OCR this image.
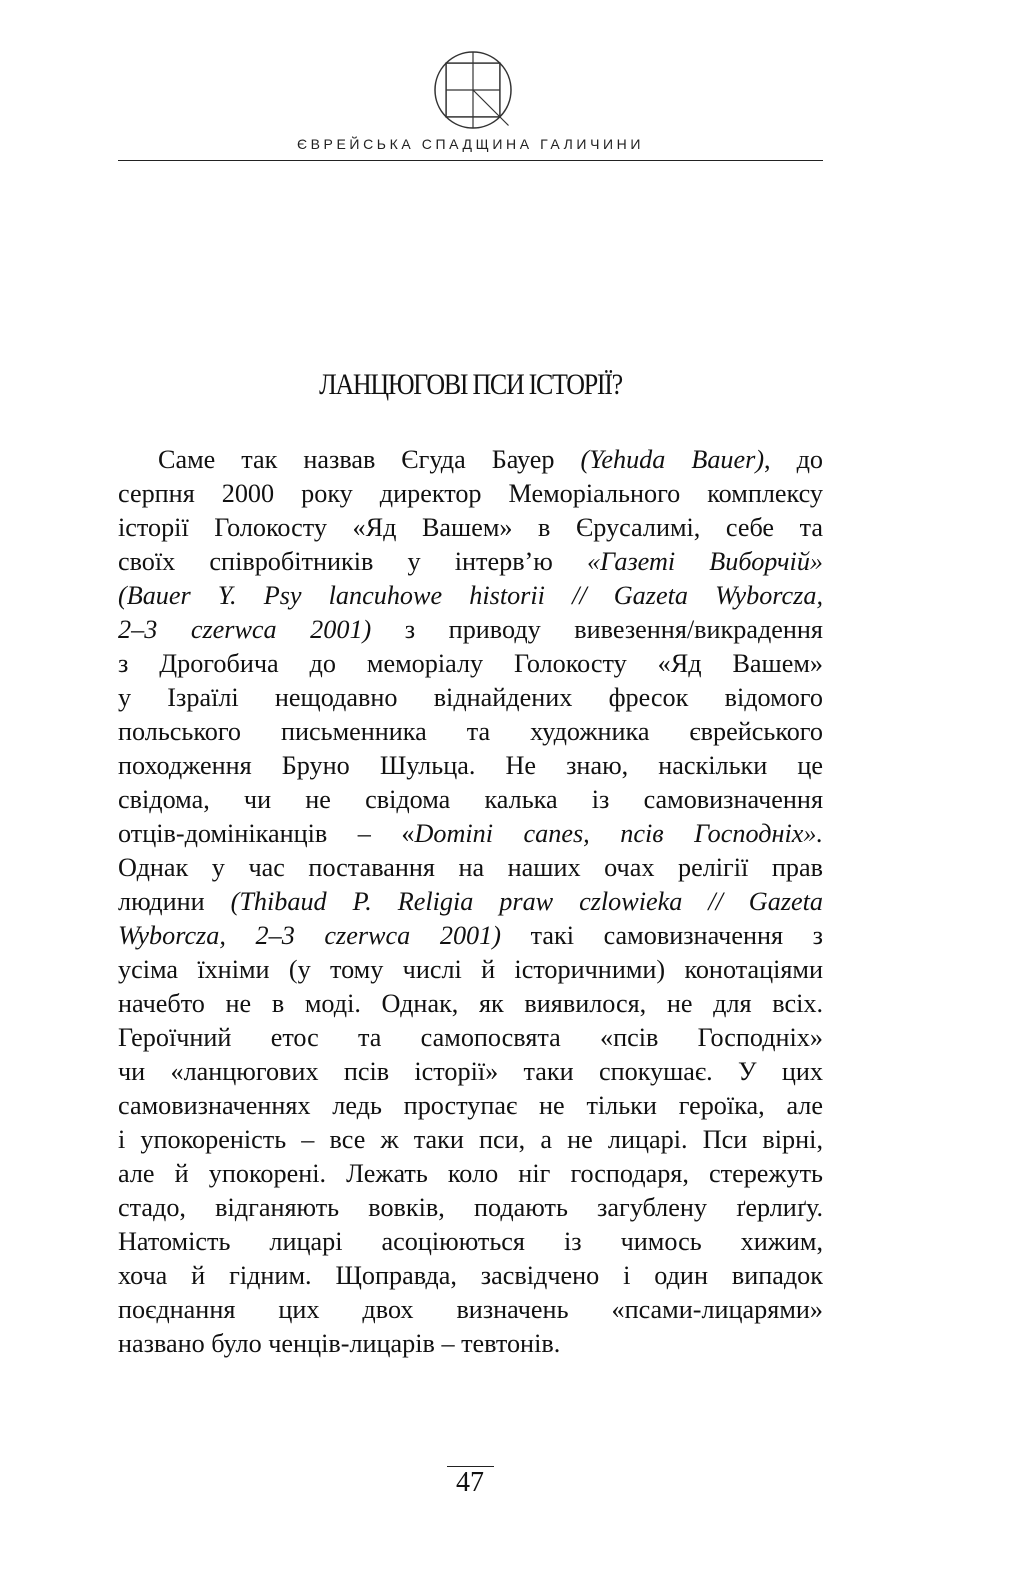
ЄВРЕЙСЬКА СПАДЩИНА ГАЛИЧИНИ
ЛАНЦЮГОВІ ПСИ ІСТОРІЇ?
Саме так назвав Єгуда Бауер (Yehuda Bauer), до
серпня 2000 року директор Меморіального комплексу
історії Голокосту «Яд Вашем» в Єрусалимі, себе та
своїх співробітників у інтерв’ю «Газеті Виборчій»
(Bauer Y. Psy lancuhowe historii // Gazeta Wyborcza,
2–3 czerwca 2001) з приводу вивезення/викрадення
з Дрогобича до меморіалу Голокосту «Яд Вашем»
у Ізраїлі нещодавно віднайдених фресок відомого
польського письменника та художника єврейського
походження Бруно Шульца. Не знаю, наскільки це
свідома, чи не свідома калька із самовизначення
отців-домініканців – «Domini canes, псів Господніх».
Однак у час поставання на наших очах релігії прав
людини (Thibaud P. Religia praw czlowieka // Gazeta
Wyborcza, 2–3 czerwca 2001) такі самовизначення з
усіма їхніми (у тому числі й історичними) конотаціями
начебто не в моді. Однак, як виявилося, не для всіх.
Героїчний етос та самопосвята «псів Господніх»
чи «ланцюгових псів історії» таки спокушає. У цих
самовизначеннях ледь проступає не тільки героїка, але
і упокореність – все ж таки пси, а не лицарі. Пси вірні,
але й упокорені. Лежать коло ніг господаря, стережуть
стадо, відганяють вовків, подають загублену ґерлиґу.
Натомість лицарі асоціюються із чимось хижим,
хоча й гідним. Щоправда, засвідчено і один випадок
поєднання цих двох визначень «псами-лицарями»
названо було ченців-лицарів – тевтонів.
47
